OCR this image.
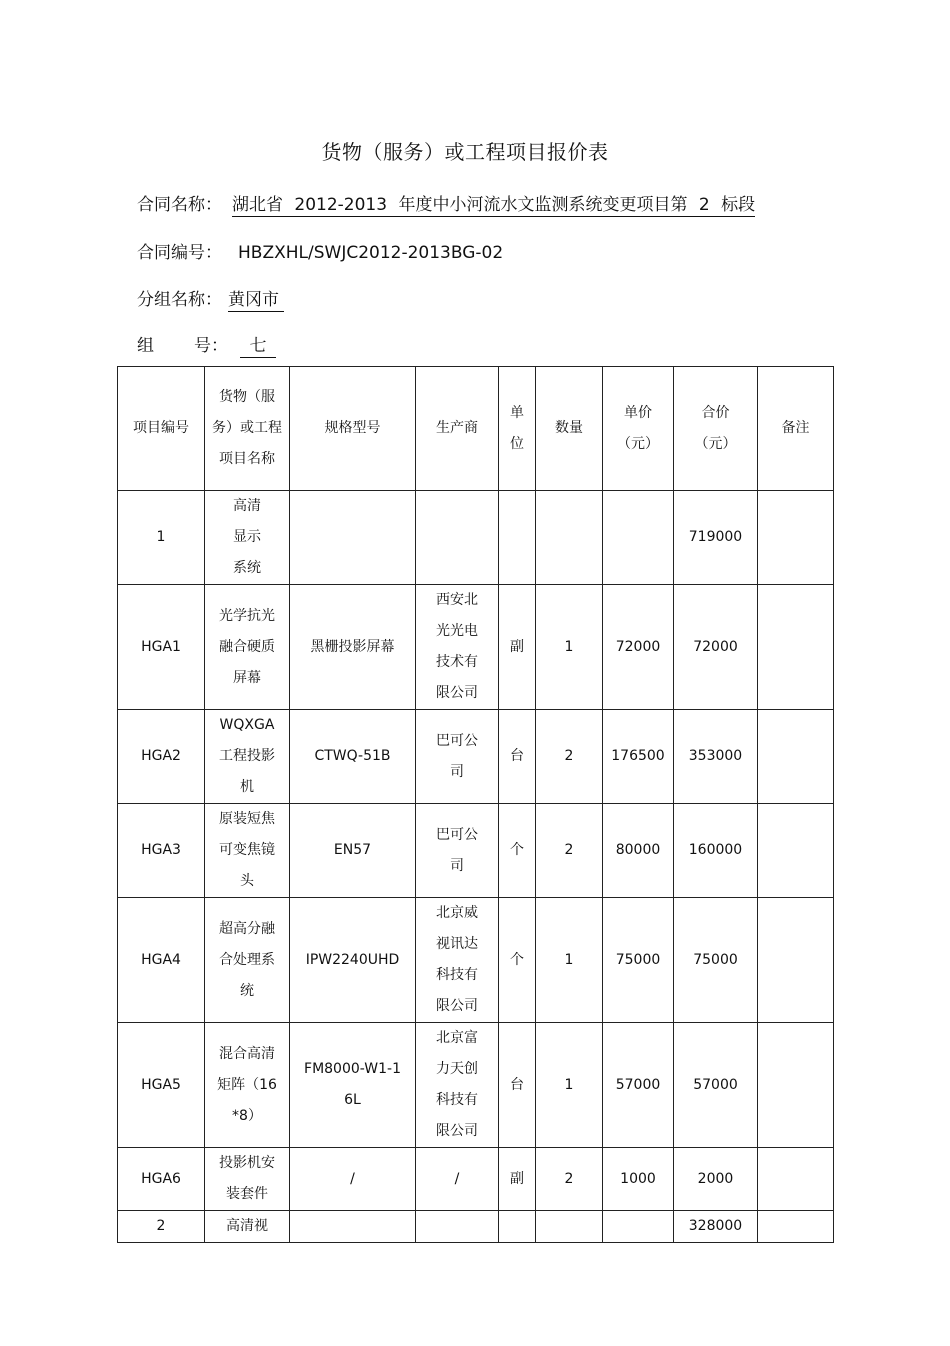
货物（服务）或工程项目报价表
合同名称： 湖北省 2012-2013 年度中小河流水文监测系统变更项目第 2 标段
合同编号： HBZXHL/SWJC2012-2013BG-02
分组名称： 黄冈市
组 号： 七
项目编号	货物（服务）或工程项目名称	规格型号	生产商	单位	数量	单价（元）	合价（元）	备注
1	高清显示系统						719000	
HGA1	光学抗光融合硬质屏幕	黑栅投影屏幕	西安北光光电技术有限公司	副	1	72000	72000	
HGA2	WQXGA工程投影机	CTWQ-51B	巴可公司	台	2	176500	353000	
HGA3	原装短焦可变焦镜头	EN57	巴可公司	个	2	80000	160000	
HGA4	超高分融合处理系统	IPW2240UHD	北京威视讯达科技有限公司	个	1	75000	75000	
HGA5	混合高清矩阵（16*8）	FM8000-W1-16L	北京富力天创科技有限公司	台	1	57000	57000	
HGA6	投影机安装套件	/	/	副	2	1000	2000	
2	高清视						328000	
